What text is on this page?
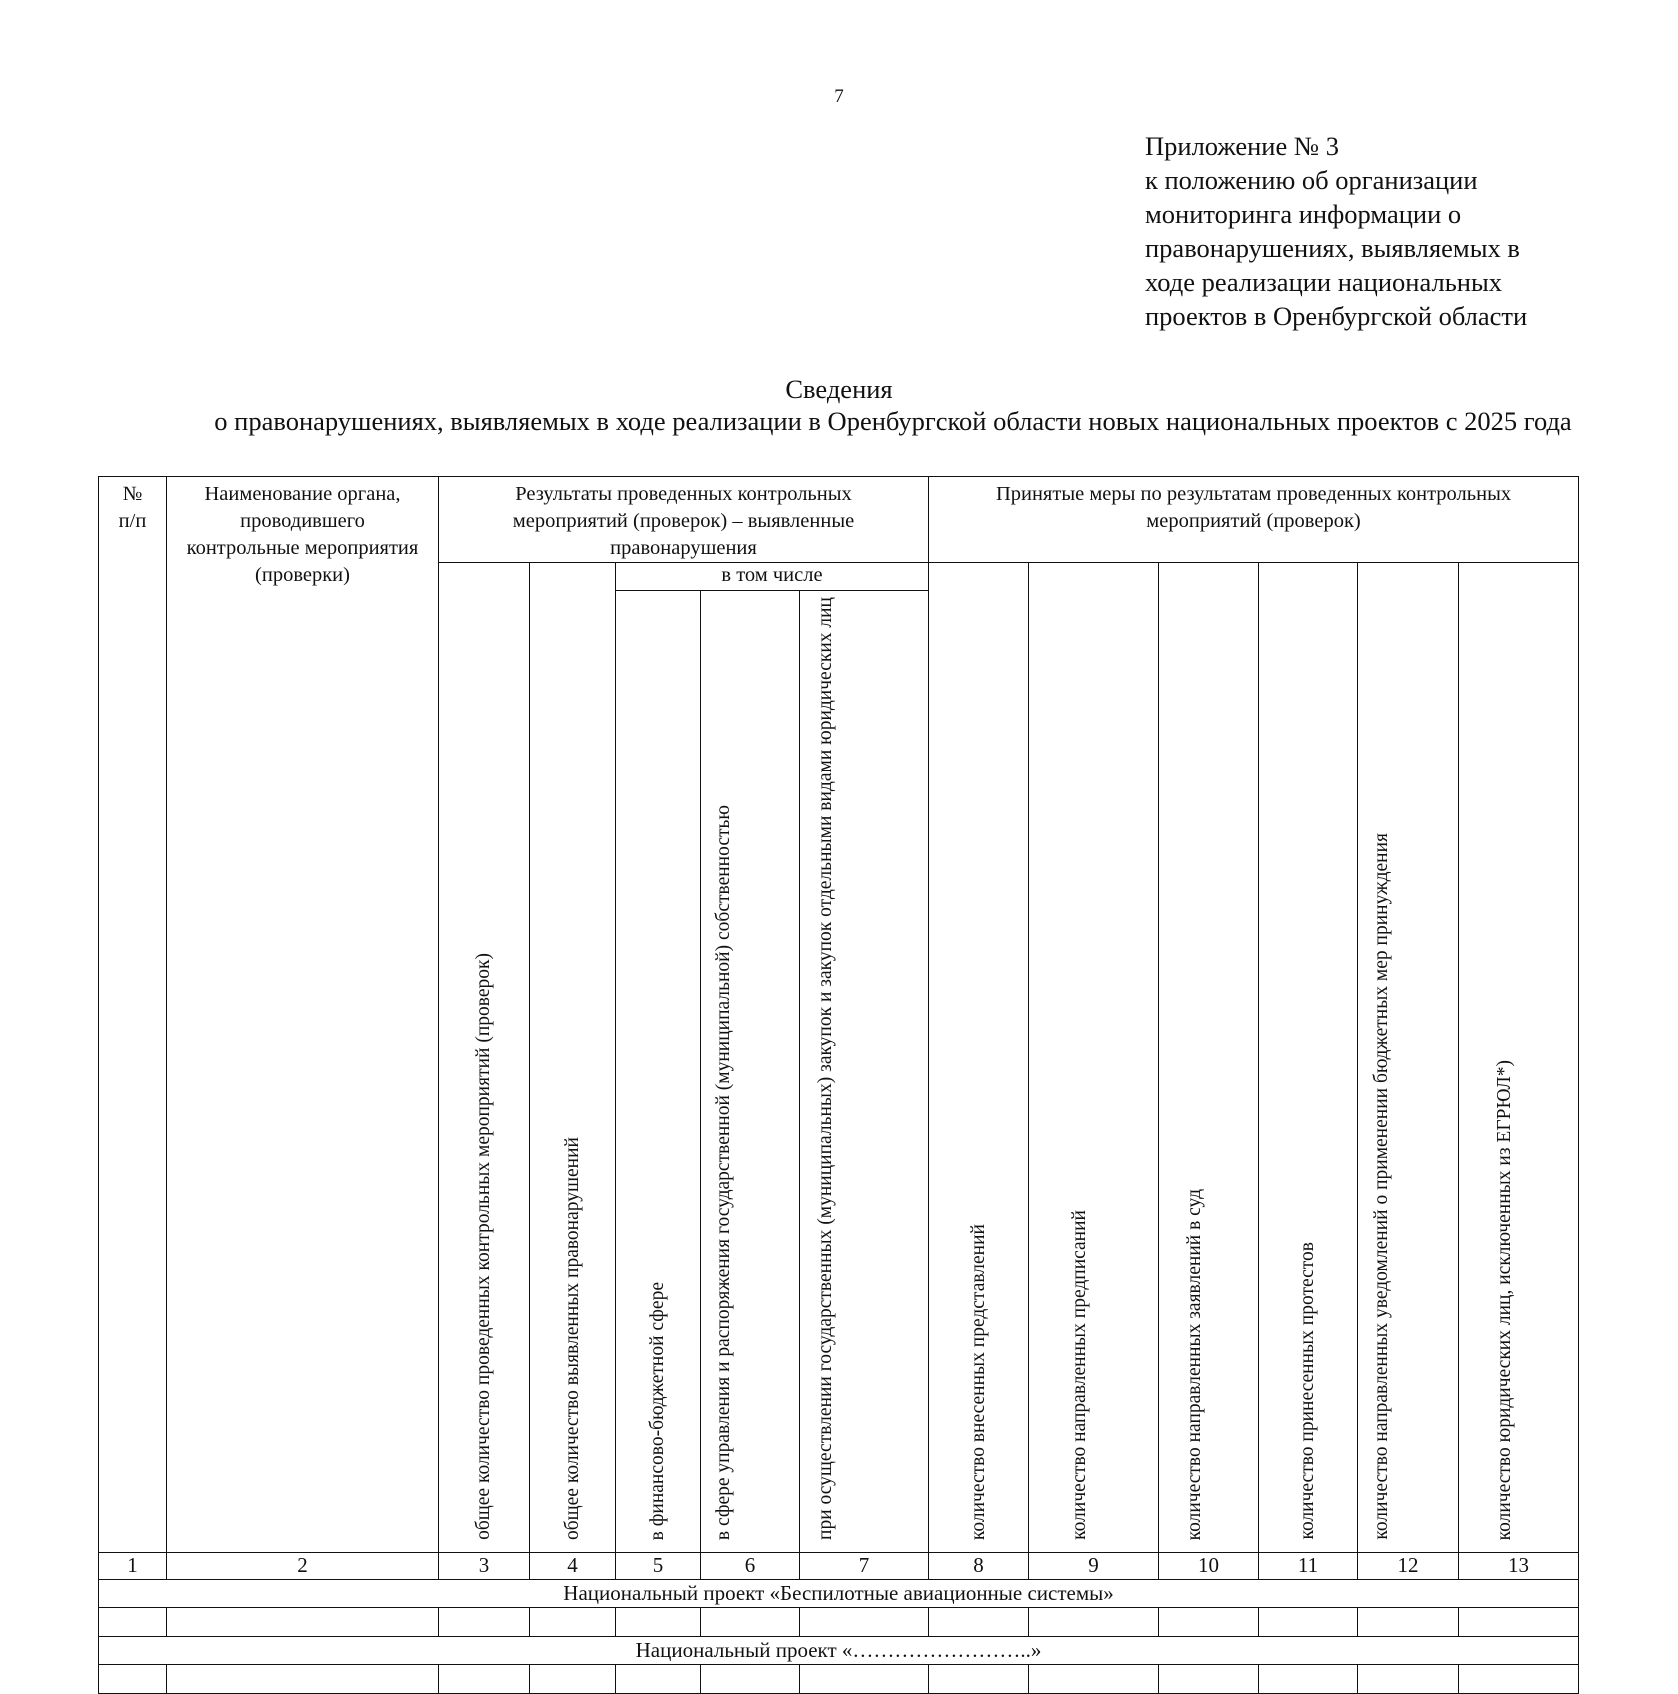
7
Приложение № 3
к положению об организации
мониторинга информации о
правонарушениях, выявляемых в
ходе реализации национальных
проектов в Оренбургской области
Сведения
о правонарушениях, выявляемых в ходе реализации в Оренбургской области новых национальных проектов с 2025 года
№ п/п	Наименование органа, проводившего контрольные мероприятия (проверки)	Результаты проведенных контрольных мероприятий (проверок) – выявленные правонарушения					Принятые меры по результатам проведенных контрольных мероприятий (проверок)					

		общее количество проведенных контрольных мероприятий (проверок)	общее количество выявленных правонарушений	в том числе			количество внесенных представлений	количество направленных предписаний	количество направленных заявлений в суд	количество принесенных протестов	количество направленных уведомлений о применении бюджетных мер принуждения	количество юридических лиц, исключенных из ЕГРЮЛ*)

				в финансово-бюджетной сфере	в сфере управления и распоряжения государственной (муниципальной) собственностью	при осуществлении государственных (муниципальных) закупок и закупок отдельными видами юридических лиц						

1	2	3	4	5	6	7	8	9	10	11	12	13
Национальный проект «Беспилотные авиационные системы»												

Национальный проект «……………………..»												
